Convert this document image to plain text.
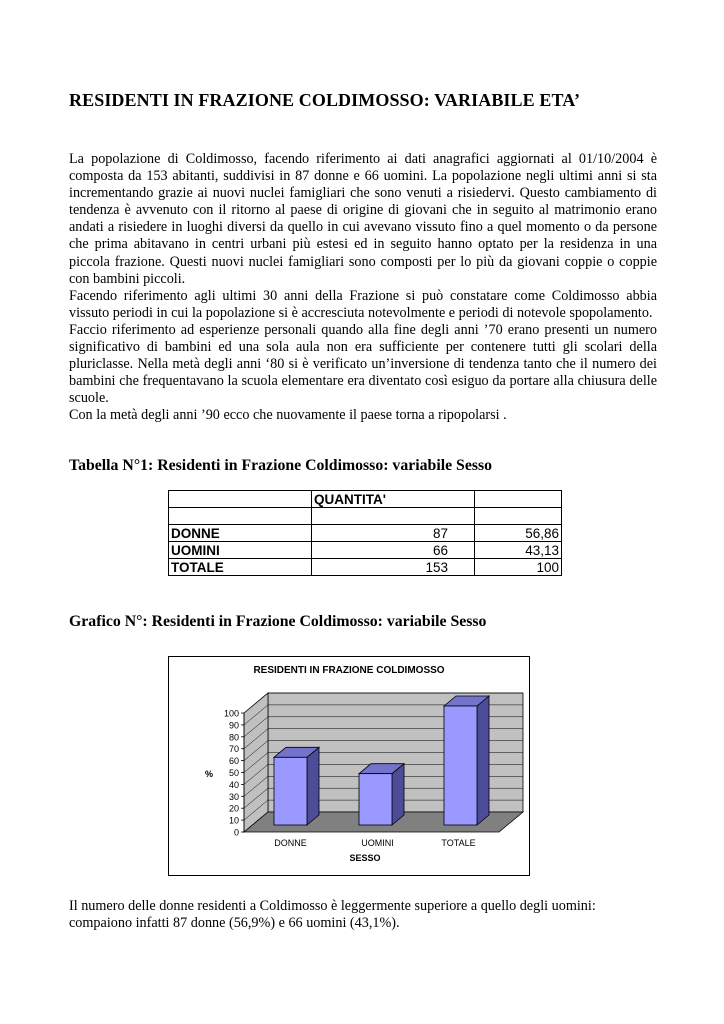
RESIDENTI IN FRAZIONE COLDIMOSSO: VARIABILE ETA’

La popolazione di Coldimosso, facendo riferimento ai dati anagrafici aggiornati al 01/10/2004 è composta da 153 abitanti, suddivisi in 87 donne e 66 uomini. La popolazione negli ultimi anni si sta incrementando grazie ai nuovi nuclei famigliari che sono venuti a risiedervi. Questo cambiamento di tendenza è avvenuto con il ritorno al paese di origine di giovani che in seguito al matrimonio erano andati a risiedere in luoghi diversi da quello in cui avevano vissuto fino a quel momento o da persone che prima abitavano in centri urbani più estesi ed in seguito hanno optato per la residenza in una piccola frazione. Questi nuovi nuclei famigliari sono composti per lo più da giovani coppie o coppie con bambini piccoli.

Facendo riferimento agli ultimi 30 anni della Frazione si può constatare come Coldimosso abbia vissuto periodi in cui la popolazione si è accresciuta notevolmente e periodi di notevole spopolamento.

Faccio riferimento ad esperienze personali quando alla fine degli anni ’70 erano presenti un numero significativo di bambini ed una sola aula non era sufficiente per contenere tutti gli scolari della pluriclasse. Nella metà degli anni ‘80 si è verificato un’inversione di tendenza tanto che il numero dei bambini che frequentavano la scuola elementare era diventato così esiguo da portare alla chiusura delle scuole.

Con la metà degli anni ’90 ecco che nuovamente il paese torna a ripopolarsi .

Tabella N°1: Residenti in Frazione Coldimosso: variabile Sesso
	QUANTITA'	

DONNE	87	56,86
UOMINI	66	43,13
TOTALE	153	100
Grafico N°: Residenti in Frazione Coldimosso: variabile Sesso
RESIDENTI IN FRAZIONE COLDIMOSSO
0
10
20
30
40
50
60
70
80
90
100
%
DONNE	UOMINI	TOTALE
SESSO
Il numero delle donne residenti a Coldimosso è leggermente superiore a quello degli uomini: compaiono infatti 87 donne (56,9%) e 66 uomini (43,1%).
